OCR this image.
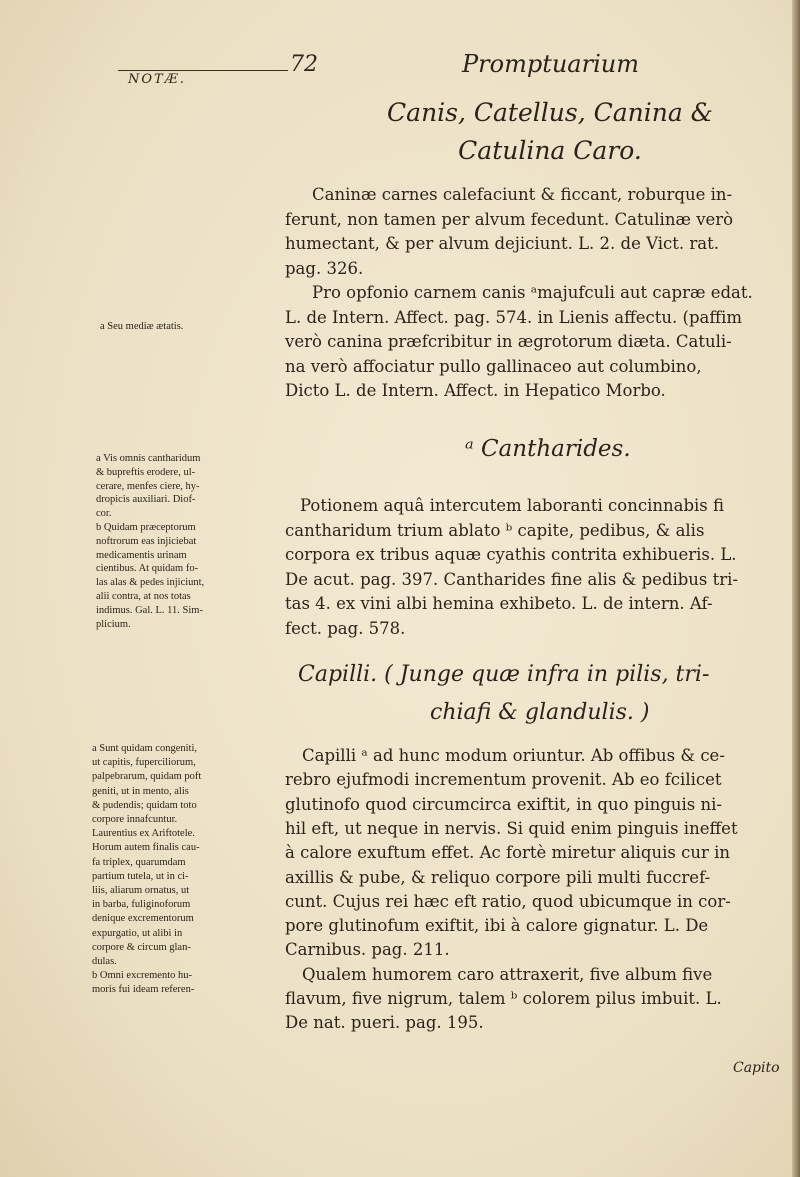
NOTÆ.
72	Promptuarium
Canis, Catellus, Canina &
Catulina Caro.
Caninæ carnes calefaciunt & ficcant, roburque in-
ferunt, non tamen per alvum fecedunt. Catulinæ verò
humectant, & per alvum dejiciunt. L. 2. de Vict. rat.
pag. 326.
Pro opfonio carnem canis ᵃmajufculi aut capræ edat.
L. de Intern. Affect. pag. 574. in Lienis affectu. (paffim
verò canina præfcribitur in ægrotorum diæta. Catuli-
na verò affociatur pullo gallinaceo aut columbino,
Dicto L. de Intern. Affect. in Hepatico Morbo.
a Seu mediæ ætatis.
ᵃ Cantharides.
Potionem aquâ intercutem laboranti concinnabis fi
cantharidum trium ablato ᵇ capite, pedibus, & alis
corpora ex tribus aquæ cyathis contrita exhibueris. L.
De acut. pag. 397. Cantharides fine alis & pedibus tri-
tas 4. ex vini albi hemina exhibeto. L. de intern. Af-
fect. pag. 578.
a Vis omnis cantharidum
& bupreftis erodere, ul-
cerare, menfes ciere, hy-
dropicis auxiliari. Diof-
cor.
b Quidam præceptorum
noftrorum eas injiciebat
medicamentis urinam
cientibus. At quidam fo-
las alas & pedes injiciunt,
alii contra, at nos totas
indimus. Gal. L. 11. Sim-
plicium.
Capilli. ( Junge quæ infra in pilis, tri-
chiafi & glandulis. )
Capilli ᵃ ad hunc modum oriuntur. Ab offibus & ce-
rebro ejufmodi incrementum provenit. Ab eo fcilicet
glutinofo quod circumcirca exiftit, in quo pinguis ni-
hil eft, ut neque in nervis. Si quid enim pinguis ineffet
à calore exuftum effet. Ac fortè miretur aliquis cur in
axillis & pube, & reliquo corpore pili multi fuccref-
cunt. Cujus rei hæc eft ratio, quod ubicumque in cor-
pore glutinofum exiftit, ibi à calore gignatur. L. De
Carnibus. pag. 211.
Qualem humorem caro attraxerit, five album five
flavum, five nigrum, talem ᵇ colorem pilus imbuit. L.
De nat. pueri. pag. 195.
a Sunt quidam congeniti,
ut capitis, fuperciliorum,
palpebrarum, quidam poft
geniti, ut in mento, alis
& pudendis; quidam toto
corpore innafcuntur.
Laurentius ex Ariftotele.
Horum autem finalis cau-
fa triplex, quarumdam
partium tutela, ut in ci-
liis, aliarum ornatus, ut
in barba, fuliginoforum
denique excrementorum
expurgatio, ut alibi in
corpore & circum glan-
dulas.
b Omni excremento hu-
moris fui ideam referen-
Capito
